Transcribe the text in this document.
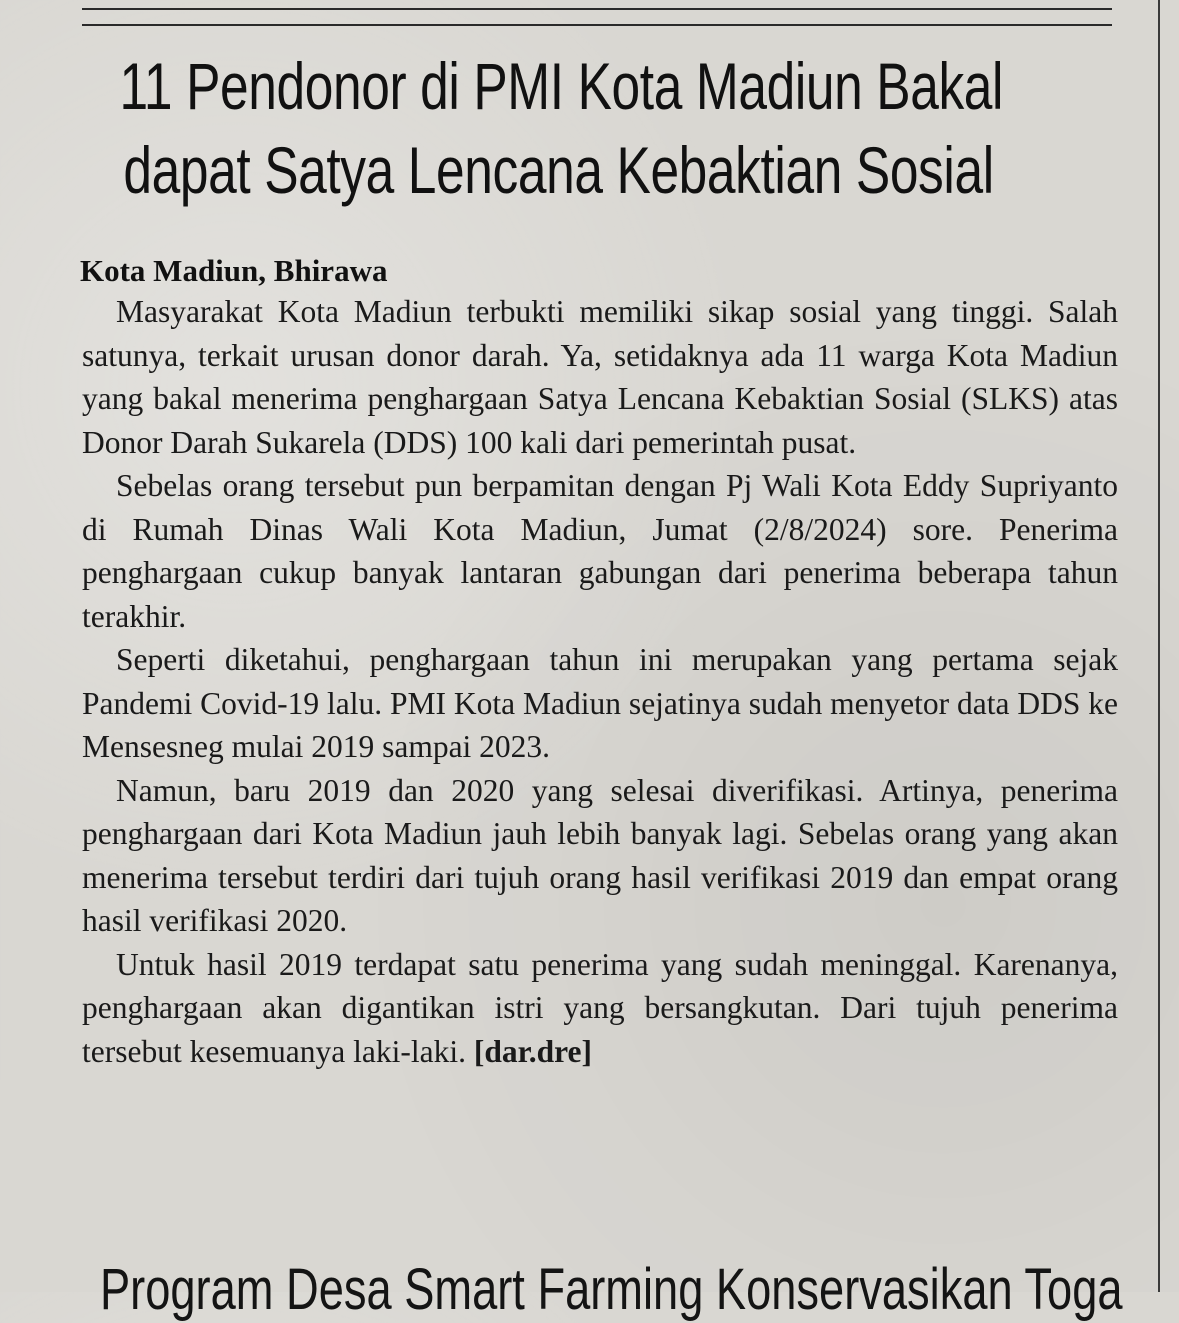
11 Pendonor di PMI Kota Madiun Bakal
dapat Satya Lencana Kebaktian Sosial
Kota Madiun, Bhirawa

Masyarakat Kota Madiun terbukti memiliki sikap sosial yang tinggi. Salah satunya, terkait urusan donor darah. Ya, setidaknya ada 11 warga Kota Madiun yang bakal menerima penghargaan Satya Lencana Kebaktian Sosial (SLKS) atas Donor Darah Sukarela (DDS) 100 kali dari pemerintah pusat.

Sebelas orang tersebut pun berpamitan dengan Pj Wali Kota Eddy Supriyanto di Rumah Dinas Wali Kota Madiun, Jumat (2/8/2024) sore. Penerima penghargaan cukup banyak lantaran gabungan dari penerima beberapa tahun terakhir.

Seperti diketahui, penghargaan tahun ini merupakan yang pertama sejak Pandemi Covid-19 lalu. PMI Kota Madiun sejatinya sudah menyetor data DDS ke Mensesneg mulai 2019 sampai 2023.

Namun, baru 2019 dan 2020 yang selesai diverifikasi. Artinya, penerima penghargaan dari Kota Madiun jauh lebih banyak lagi. Sebelas orang yang akan menerima tersebut terdiri dari tujuh orang hasil verifikasi 2019 dan empat orang hasil verifikasi 2020.

Untuk hasil 2019 terdapat satu penerima yang sudah meninggal. Karenanya, penghargaan akan digantikan istri yang bersangkutan. Dari tujuh penerima tersebut kesemuanya laki-laki. [dar.dre]

Program Desa Smart Farming Konservasikan Toga
